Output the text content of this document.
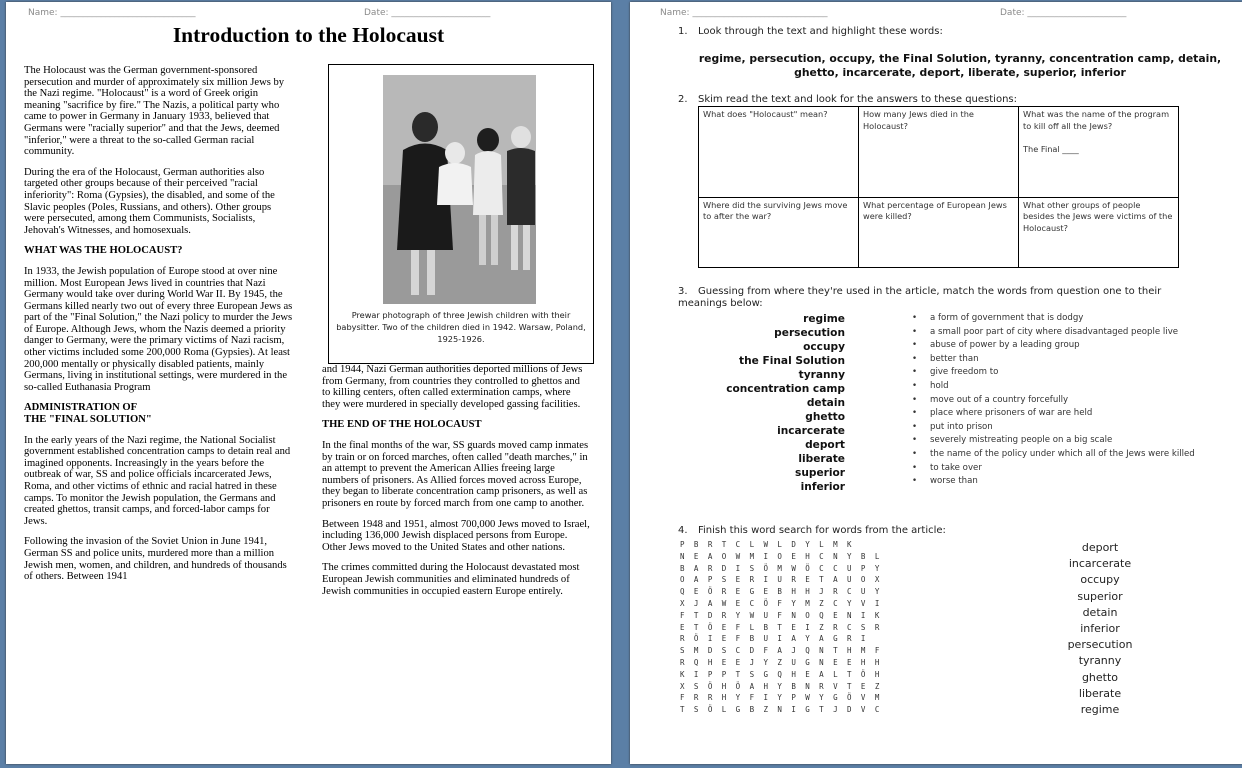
Name: ______________________________	Date: ______________________
Introduction to the Holocaust

The Holocaust was the German government-sponsored persecution and murder of approximately six million Jews by the Nazi regime. "Holocaust" is a word of Greek origin meaning "sacrifice by fire." The Nazis, a political party who came to power in Germany in January 1933, believed that Germans were "racially superior" and that the Jews, deemed "inferior," were a threat to the so-called German racial community.

During the era of the Holocaust, German authorities also targeted other groups because of their perceived "racial inferiority": Roma (Gypsies), the disabled, and some of the Slavic peoples (Poles, Russians, and others). Other groups were persecuted, among them Communists, Socialists, Jehovah's Witnesses, and homosexuals.

WHAT WAS THE HOLOCAUST?

In 1933, the Jewish population of Europe stood at over nine million. Most European Jews lived in countries that Nazi Germany would take over during World War II. By 1945, the Germans killed nearly two out of every three European Jews as part of the "Final Solution," the Nazi policy to murder the Jews of Europe. Although Jews, whom the Nazis deemed a priority danger to Germany, were the primary victims of Nazi racism, other victims included some 200,000 Roma (Gypsies). At least 200,000 mentally or physically disabled patients, mainly Germans, living in institutional settings, were murdered in the so-called Euthanasia Program

ADMINISTRATION OF
THE "FINAL SOLUTION"

In the early years of the Nazi regime, the National Socialist government established concentration camps to detain real and imagined opponents. Increasingly in the years before the outbreak of war, SS and police officials incarcerated Jews, Roma, and other victims of ethnic and racial hatred in these camps. To monitor the Jewish population, the Germans and created ghettos, transit camps, and forced-labor camps for Jews.

Following the invasion of the Soviet Union in June 1941, German SS and police units, murdered more than a million Jewish men, women, and children, and hundreds of thousands of others. Between 1941

Prewar photograph of three Jewish children with their babysitter. Two of the children died in 1942. Warsaw, Poland, 1925-1926.

and 1944, Nazi German authorities deported millions of Jews from Germany, from countries they controlled to ghettos and to killing centers, often called extermination camps, where they were murdered in specially developed gassing facilities.

THE END OF THE HOLOCAUST

In the final months of the war, SS guards moved camp inmates by train or on forced marches, often called "death marches," in an attempt to prevent the American Allies freeing large numbers of prisoners. As Allied forces moved across Europe, they began to liberate concentration camp prisoners, as well as prisoners en route by forced march from one camp to another.

Between 1948 and 1951, almost 700,000 Jews moved to Israel, including 136,000 Jewish displaced persons from Europe. Other Jews moved to the United States and other nations.

The crimes committed during the Holocaust devastated most European Jewish communities and eliminated hundreds of Jewish communities in occupied eastern Europe entirely.

Name: ______________________________	Date: ______________________
1. Look through the text and highlight these words:
regime, persecution, occupy, the Final Solution, tyranny, concentration camp, detain, ghetto, incarcerate, deport, liberate, superior, inferior
2. Skim read the text and look for the answers to these questions:
What does "Holocaust" mean?	How many Jews died in the Holocaust?	What was the name of the program to kill off all the Jews?

The Final ____
Where did the surviving Jews move to after the war?	What percentage of European Jews were killed?	What other groups of people besides the Jews were victims of the Holocaust?
3.	Guessing from where they're used in the article, match the words from question one to their meanings below:
regime
persecution
occupy
the Final Solution
tyranny
concentration camp
detain
ghetto
incarcerate
deport
liberate
superior
inferior
• a form of government that is dodgy
• a small poor part of city where disadvantaged people live
• abuse of power by a leading group
• better than
• give freedom to
• hold
• move out of a country forcefully
• place where prisoners of war are held
• put into prison
• severely mistreating people on a big scale
• the name of the policy under which all of the Jews were killed
• to take over
• worse than
4. Finish this word search for words from the article:
PBRTCLWLDYLMK
NEAOWMIOEHCNYBL
BARDISÖMWÖCCUPY
OAPSERIURETAUOX
QEÖREGEBHHJRCUY
XJAWECÖFYMZCYVI
FTDRYWUFNOQENIK
ETÖEFLBTEIZRCSR
RÖIEFBUIAYAGRI
SMDSCDFAJQNTHMF
RQHEEJYZUGNEEHH
KIPPTSGQHEALTÖH
XSÖHÖAHYBNRVTEZ
FRRHYFIYPWYGÖVM
TSÖLGBZNIGTJDVC
deport
incarcerate
occupy
superior
detain
inferior
persecution
tyranny
ghetto
liberate
regime
